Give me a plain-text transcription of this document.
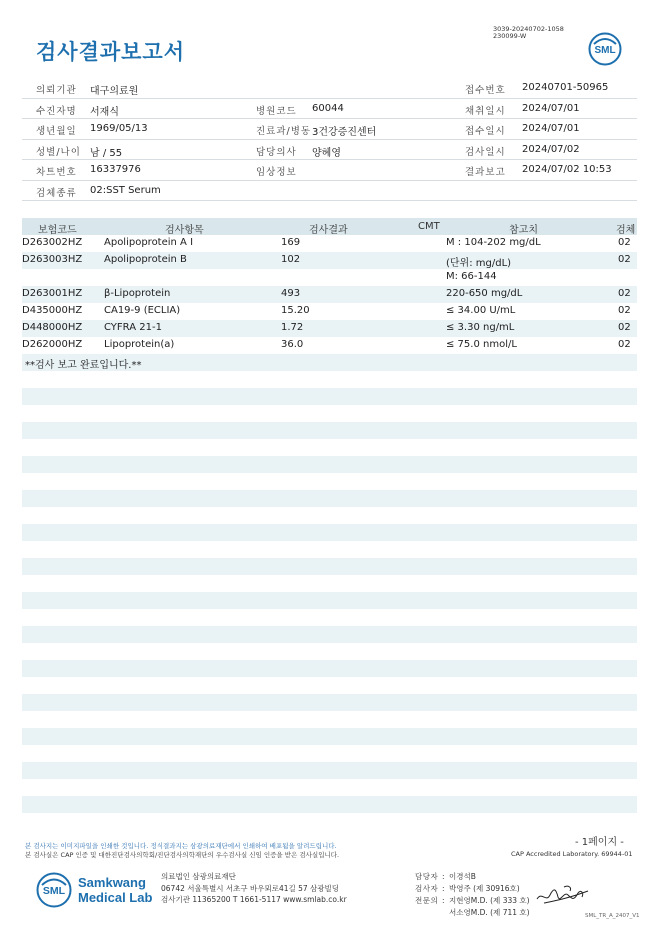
3039-20240702-1058
230099-W
검사결과보고서	SML
의뢰기관 대구의료원	접수번호 20240701-50965
수진자명 서재식	병원코드 60044	채취일시 2024/07/01
생년월일 1969/05/13	진료과/병동 3건강증진센터	접수일시 2024/07/01
성별/나이 남 / 55	담당의사 양혜영	검사일시 2024/07/02
차트번호 16337976	임상정보	결과보고 2024/07/02 10:53
검체종류 02:SST Serum
보험코드	검사항목	검사결과	CMT	참고치	검체
D263002HZ Apolipoprotein A I	169	M : 104-202 mg/dL	02
D263003HZ Apolipoprotein B	102	(단위: mg/dL)	02
M: 66-144
D263001HZ β-Lipoprotein	493	220-650 mg/dL	02
D435000HZ CA19-9 (ECLIA)	15.20	≤ 34.00 U/mL	02
D448000HZ CYFRA 21-1	1.72	≤ 3.30 ng/mL	02
D262000HZ Lipoprotein(a)	36.0	≤ 75.0 nmol/L	02
**검사 보고 완료입니다.**
- 1페이지 -
본 검사지는 이미지파일을 인쇄한 것입니다. 정식결과지는 삼광의료재단에서 인쇄하여 배포됨을 알려드립니다.
본 검사실은 CAP 인증 및 대한진단검사의학회/진단검사의학재단의 우수검사실 신임 인증을 받은 검사실입니다.	CAP Accredited Laboratory. 69944-01
SML
Samkwang
Medical Lab
의료법인 삼광의료재단
06742 서울특별시 서초구 바우뫼로41길 57 삼광빌딩
검사기관 11365200 T 1661-5117 www.smlab.co.kr
담당자 : 이경석B
검사자 : 박영주 (제 30916호)
전문의 : 지현영M.D. (제 333 호)
서소영M.D. (제 711 호)	SML_TR_A_2407_V1
